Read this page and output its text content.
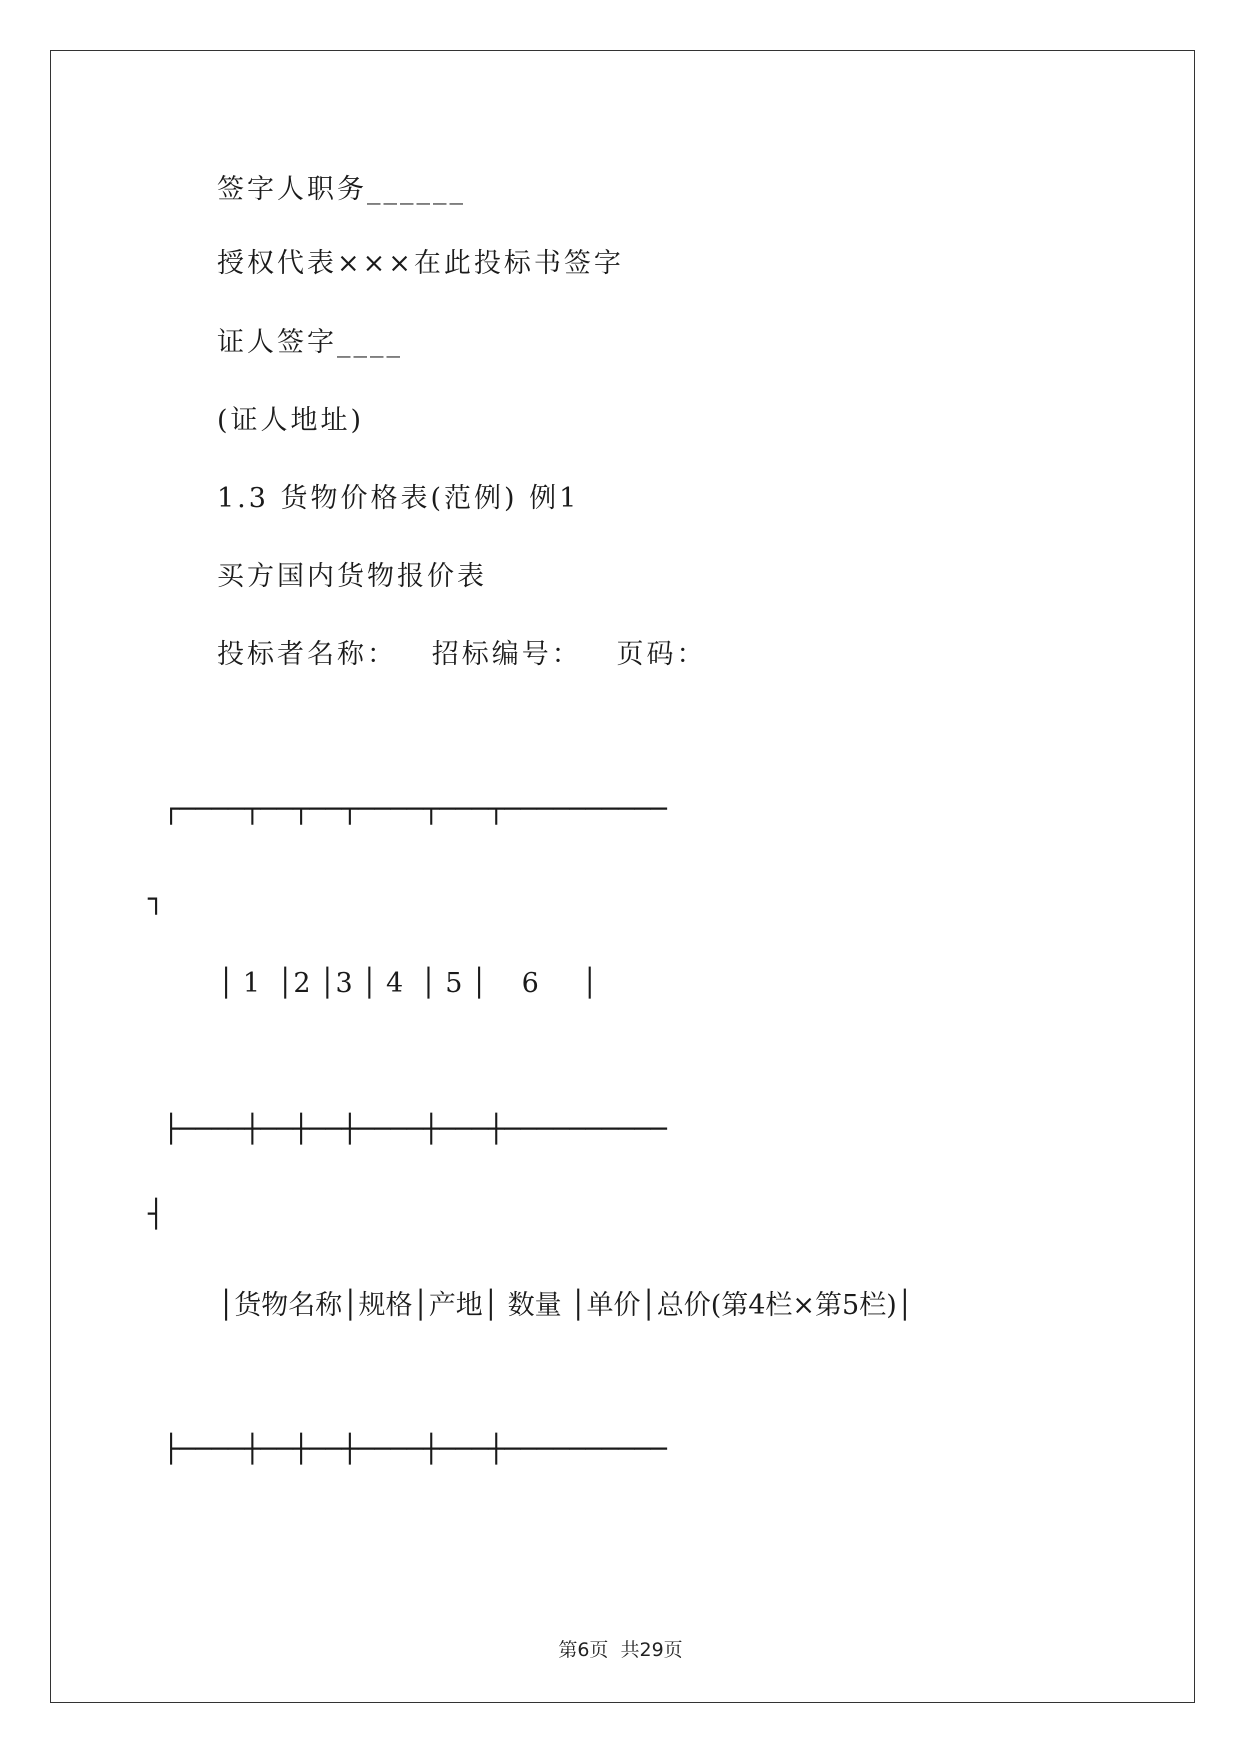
签字人职务______
授权代表×××在此投标书签字
证人签字____
(证人地址)
1.3 货物价格表(范例) 例1
买方国内货物报价表
投标者名称：   招标编号：   页码：
┌────┬──┬──┬────┬───┬──────────
┐
│ 1  │2 │3 │ 4  │ 5 │    6     │
├────┼──┼──┼────┼───┼──────────
┤
│货物名称│规格│产地│ 数量 │单价│总价(第4栏×第5栏)│
├────┼──┼──┼────┼───┼──────────
第6页  共29页
